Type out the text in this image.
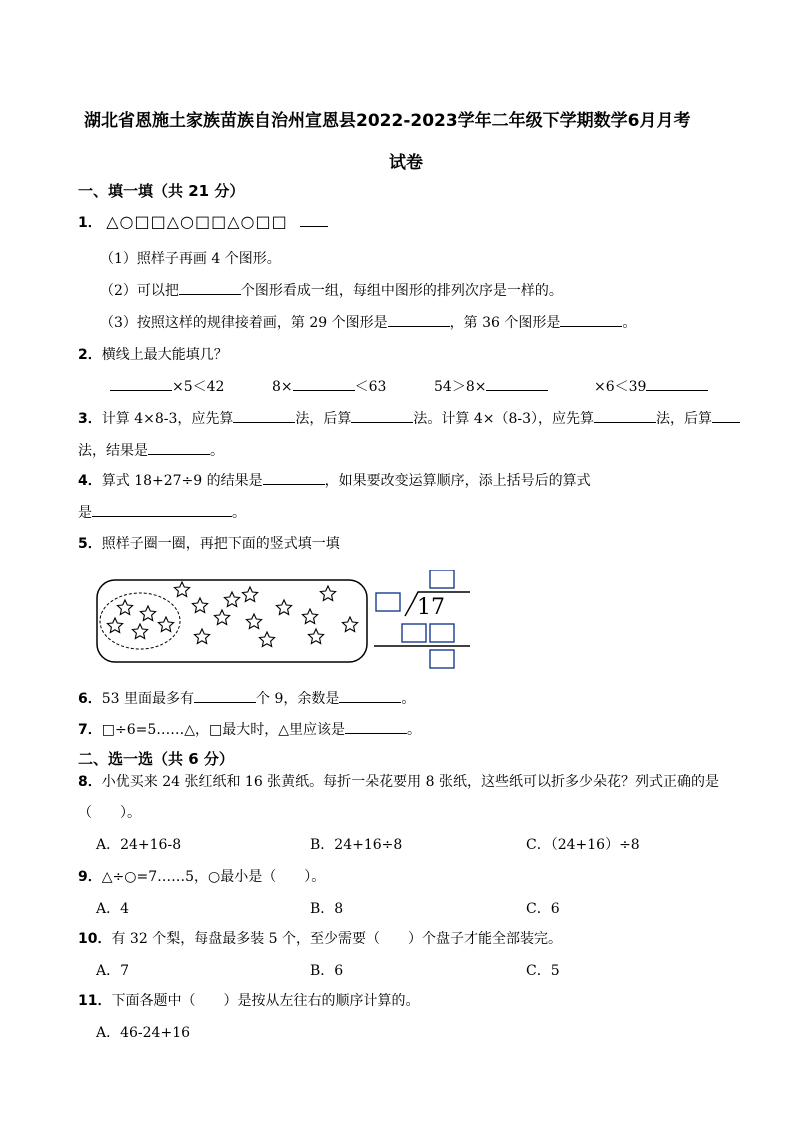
湖北省恩施土家族苗族自治州宣恩县2022-2023学年二年级下学期数学6月月考
试卷
一、填一填（共 21 分）
1． △○□□△○□□△○□□
（1）照样子再画 4 个图形。
（2）可以把	个图形看成一组，每组中图形的排列次序是一样的。
（3）按照这样的规律接着画，第 29 个图形是	，第 36 个图形是	。
2．横线上最大能填几？
×5＜42	8×	＜63	54＞8×	×6＜39
3．计算 4×8-3，应先算	法，后算	法。计算 4×（8-3），应先算	法，后算
法，结果是	。
4．算式 18+27÷9 的结果是	，如果要改变运算顺序，添上括号后的算式
是	。
5．照样子圈一圈，再把下面的竖式填一填
17
6．53 里面最多有	个 9，余数是	。
7．□÷6=5……△，□最大时，△里应该是	。
二、选一选（共 6 分）
8．小优买来 24 张红纸和 16 张黄纸。每折一朵花要用 8 张纸，这些纸可以折多少朵花？列式正确的是
（　　）。
A．24+16-8	B．24+16÷8	C．（24+16）÷8
9．△÷○=7……5，○最小是（　　）。
A．4	B．8	C．6
10．有 32 个梨，每盘最多装 5 个，至少需要（　　）个盘子才能全部装完。
A．7	B．6	C．5
11．下面各题中（　　）是按从左往右的顺序计算的。
A．46-24+16
